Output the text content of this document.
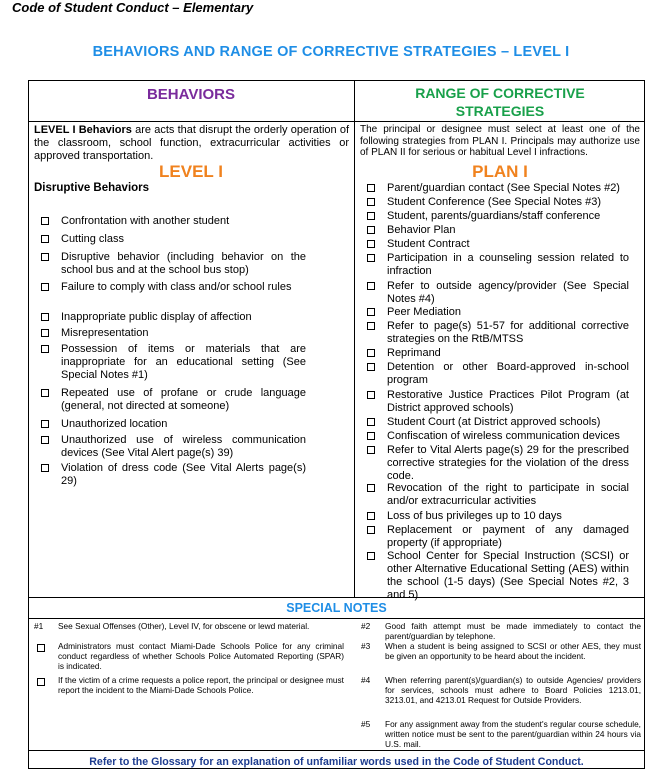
Code of Student Conduct – Elementary
BEHAVIORS AND RANGE OF CORRECTIVE STRATEGIES – LEVEL I
BEHAVIORS	RANGE OF CORRECTIVE
STRATEGIES
LEVEL I Behaviors are acts that disrupt the orderly operation of the classroom, school function, extracurricular activities or approved transportation.
LEVEL I
Disruptive Behaviors
The principal or designee must select at least one of the following strategies from PLAN I. Principals may authorize use of PLAN II for serious or habitual Level I infractions.
PLAN I
Confrontation with another student
Cutting class
Disruptive behavior (including behavior on the school bus and at the school bus stop)
Failure to comply with class and/or school rules
Inappropriate public display of affection
Misrepresentation
Possession of items or materials that are inappropriate for an educational setting (See Special Notes #1)
Repeated use of profane or crude language (general, not directed at someone)
Unauthorized location
Unauthorized use of wireless communication devices (See Vital Alert page(s) 39)
Violation of dress code (See Vital Alerts page(s) 29)
Parent/guardian contact (See Special Notes #2)
Student Conference (See Special Notes #3)
Student, parents/guardians/staff conference
Behavior Plan
Student Contract
Participation in a counseling session related to infraction
Refer to outside agency/provider (See Special Notes #4)
Peer Mediation
Refer to page(s) 51-57 for additional corrective strategies on the RtB/MTSS
Reprimand
Detention or other Board-approved in-school program
Restorative Justice Practices Pilot Program (at District approved schools)
Student Court (at District approved schools)
Confiscation of wireless communication devices
Refer to Vital Alerts page(s) 29 for the prescribed corrective strategies for the violation of the dress code.
Revocation of the right to participate in social and/or extracurricular activities
Loss of bus privileges up to 10 days
Replacement or payment of any damaged property (if appropriate)
School Center for Special Instruction (SCSI) or other Alternative Educational Setting (AES) within the school (1-5 days) (See Special Notes #2, 3 and 5)
SPECIAL NOTES
#1 See Sexual Offenses (Other), Level IV, for obscene or lewd material.
Administrators must contact Miami-Dade Schools Police for any criminal conduct regardless of whether Schools Police Automated Reporting (SPAR) is indicated.
If the victim of a crime requests a police report, the principal or designee must report the incident to the Miami-Dade Schools Police.
#2 Good faith attempt must be made immediately to contact the parent/guardian by telephone.
#3 When a student is being assigned to SCSI or other AES, they must be given an opportunity to be heard about the incident.
#4 When referring parent(s)/guardian(s) to outside Agencies/ providers for services, schools must adhere to Board Policies 1213.01, 3213.01, and 4213.01 Request for Outside Providers.
#5 For any assignment away from the student's regular course schedule, written notice must be sent to the parent/guardian within 24 hours via U.S. mail.
Refer to the Glossary for an explanation of unfamiliar words used in the Code of Student Conduct.
